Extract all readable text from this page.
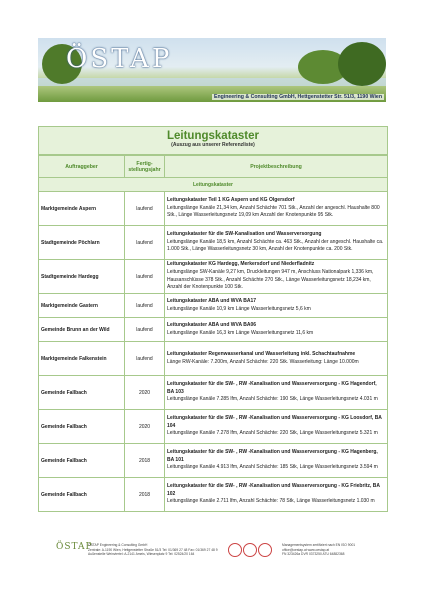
ÖSTAP
Engineering & Consulting GmbH, Hettgenstetter Str. 51/3, 1190 Wien
Leitungskataster
(Auszug aus unserer Referenzliste)
Auftraggeber	Fertig-stellungsjahr	Projektbeschreibung
Leitungskataster		
Marktgemeinde Aspern	laufend	Leitungskataster Teil 1 KG Aspern und KG Olgersdorf
Leitungslänge Kanäle 21,34 km, Anzahl Schächte 701 Stk., Anzahl der angeschl. Haushalte 800 Stk., Länge Wasserleitungsnetz 19,09 km Anzahl der Knotenpunkte 95 Stk.

Stadtgemeinde Pöchlarn	laufend	Leitungskataster für die SW-Kanalisation und Wasserversorgung
Leitungslänge Kanäle 18,5 km, Anzahl Schächte ca. 463 Stk., Anzahl der angeschl. Haushalte ca. 1.000 Stk., Länge Wasserleitungsnetz 30 km, Anzahl der Knotenpunkte ca. 200 Stk.

Stadtgemeinde Hardegg	laufend	Leitungskataster KG Hardegg, Merkersdorf und Niederfladnitz
Leitungslänge SW-Kanäle 9,27 km, Druckleitungen 947 m, Anschluss Nationalpark 1,336 km, Hausanschlüsse 378 Stk., Anzahl Schächte 270 Stk., Länge Wasserleitungsnetz 18,234 km, Anzahl der Knotenpunkte 100 Stk.

Marktgemeinde Gastern	laufend	Leitungskataster ABA und WVA BA17
Leitungslänge Kanäle 10,9 km Länge Wasserleitungsnetz 5,6 km

Gemeinde Brunn an der Wild	laufend	Leitungskataster ABA und WVA BA06
Leitungslänge Kanäle 16,3 km Länge Wasserleitungsnetz 11,6 km

Marktgemeinde Falkenstein	laufend	Leitungskataster Regenwasserkanal und Wasserleitung inkl. Schachtaufnahme
Länge RW-Kanäle: 7.200m, Anzahl Schächte: 220 Stk. Wasserleitung: Länge 10.000m

Gemeinde Fallbach	2020	Leitungskataster für die SW- , RW -Kanalisation und Wasserversorgung - KG Hagendorf, BA 103
Leitungslänge Kanäle 7.285 lfm, Anzahl Schächte: 190 Stk, Länge Wasserleitungsnetz 4.031 m

Gemeinde Fallbach	2020	Leitungskataster für die SW- , RW -Kanalisation und Wasserversorgung - KG Loosdorf, BA 104
Leitungslänge Kanäle 7.278 lfm, Anzahl Schächte: 220 Stk, Länge Wasserleitungsnetz 5.321 m

Gemeinde Fallbach	2018	Leitungskataster für die SW- , RW -Kanalisation und Wasserversorgung - KG Hagenberg, BA 101
Leitungslänge Kanäle 4.913 lfm, Anzahl Schächte: 185 Stk, Länge Wasserleitungsnetz 3.594 m

Gemeinde Fallbach	2018	Leitungskataster für die SW- , RW -Kanalisation und Wasserversorgung - KG Friebritz, BA 102
Leitungslänge Kanäle 2.711 lfm, Anzahl Schächte: 78 Stk, Länge Wasserleitungsnetz 1.030 m
ÖSTAP
ÖSTAP Engineering & Consulting GmbH
Zentrale: A-1190 Wien, Hettgenstetter Straße 51/3 Tel: 01/369 27 48 Fax: 01/369 27 48 9
Außenstelle Weinviertel: A-2141 Ameis, Wiesenplatz 9 Tel: 02524/20 164
Managementsystem zertifiziert nach EN ISO 9001
office@oestap.at www.oestap.at
FN 323426a DVR 0373250 ATU 64882368
